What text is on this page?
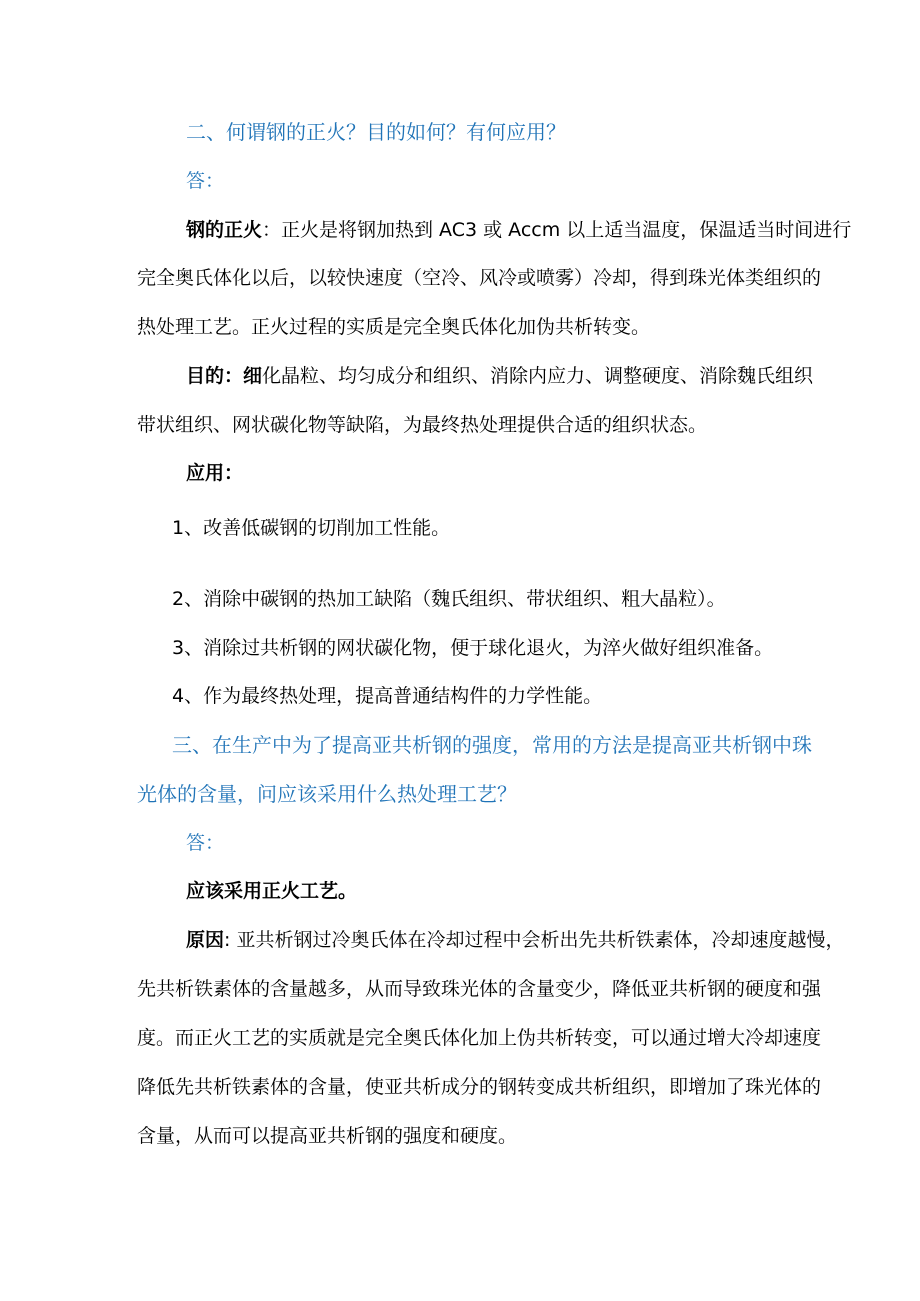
二、何谓钢的正火？目的如何？有何应用？
答：
钢的正火：正火是将钢加热到 AC3 或 Accm 以上适当温度，保温适当时间进行
完全奥氏体化以后，以较快速度（空冷、风冷或喷雾）冷却，得到珠光体类组织的
热处理工艺。正火过程的实质是完全奥氏体化加伪共析转变。
目的：细化晶粒、均匀成分和组织、消除内应力、调整硬度、消除魏氏组织
带状组织、网状碳化物等缺陷，为最终热处理提供合适的组织状态。
应用：
1、改善低碳钢的切削加工性能。
2、消除中碳钢的热加工缺陷（魏氏组织、带状组织、粗大晶粒）。
3、消除过共析钢的网状碳化物，便于球化退火，为淬火做好组织准备。
4、作为最终热处理，提高普通结构件的力学性能。
三、在生产中为了提高亚共析钢的强度，常用的方法是提高亚共析钢中珠
光体的含量，问应该采用什么热处理工艺？
答：
应该采用正火工艺。
原因: 亚共析钢过冷奥氏体在冷却过程中会析出先共析铁素体，冷却速度越慢，
先共析铁素体的含量越多，从而导致珠光体的含量变少，降低亚共析钢的硬度和强
度。而正火工艺的实质就是完全奥氏体化加上伪共析转变，可以通过增大冷却速度
降低先共析铁素体的含量，使亚共析成分的钢转变成共析组织，即增加了珠光体的
含量，从而可以提高亚共析钢的强度和硬度。
